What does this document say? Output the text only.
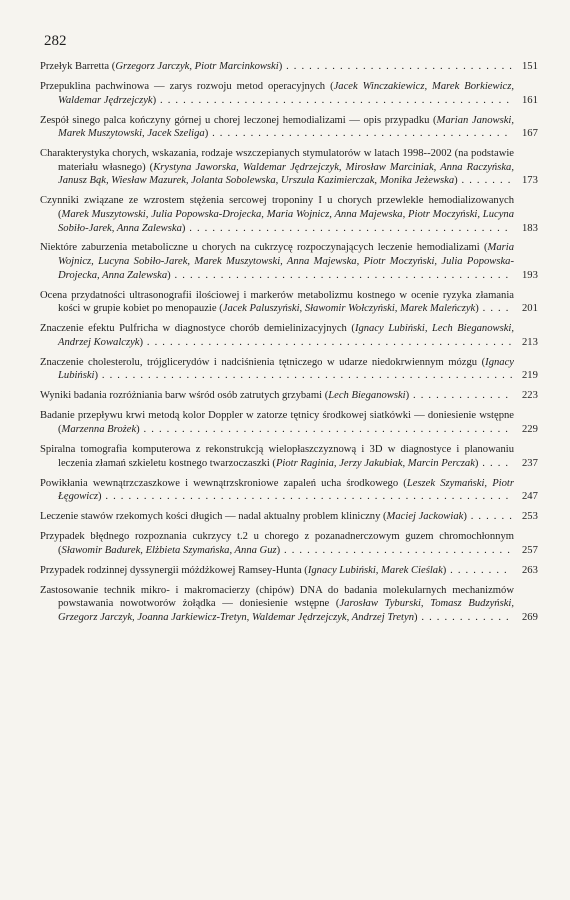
282
Przełyk Barretta (Grzegorz Jarczyk, Piotr Marcinkowski) . . . . . . . . . . . . . . . . . . . . . . . . . . . . . . 151
Przepuklina pachwinowa — zarys rozwoju metod operacyjnych (Jacek Winczakiewicz, Marek Borkiewicz, Waldemar Jędrzejczyk) . . . . . . . . . . . . . . . . . . . . . . . . . . . . . . . . . . . . . . . . . . . . . . 161
Zespół sinego palca kończyny górnej u chorej leczonej hemodializami — opis przypadku (Marian Janowski, Marek Muszytowski, Jacek Szeliga) . . . . . . . . . . . . . . . . . . . . . . . . . . . . . . . . . . . . . . . 167
Charakterystyka chorych, wskazania, rodzaje wszczepianych stymulatorów w latach 1998--2002 (na podstawie materiału własnego) (Krystyna Jaworska, Waldemar Jędrzejczyk, Mirosław Marciniak, Anna Raczyńska, Janusz Bąk, Wiesław Mazurek, Jolanta Sobolewska, Urszula Kazimierczak, Monika Jeżewska) . . . . . . . 173
Czynniki związane ze wzrostem stężenia sercowej troponiny I u chorych przewlekle hemodializowanych (Marek Muszytowski, Julia Popowska-Drojecka, Maria Wojnicz, Anna Majewska, Piotr Moczyński, Lucyna Sobiło-Jarek, Anna Zalewska) . . . . . . . . . . . . . . . . . . . . . . . . . . . . . . . . . . . . . . . . . . 183
Niektóre zaburzenia metaboliczne u chorych na cukrzycę rozpoczynających leczenie hemodializami (Maria Wojnicz, Lucyna Sobiło-Jarek, Marek Muszytowski, Anna Majewska, Piotr Moczyński, Julia Popowska-Drojecka, Anna Zalewska) . . . . . . . . . . . . . . . . . . . . . . . . . . . . . . . . . . . . . . . . . . . . 193
Ocena przydatności ultrasonografii ilościowej i markerów metabolizmu kostnego w ocenie ryzyka złamania kości w grupie kobiet po menopauzie (Jacek Paluszyński, Sławomir Wołczyński, Marek Maleńczyk) . . . . 201
Znaczenie efektu Pulfricha w diagnostyce chorób demielinizacyjnych (Ignacy Lubiński, Lech Bieganowski, Andrzej Kowalczyk) . . . . . . . . . . . . . . . . . . . . . . . . . . . . . . . . . . . . . . . . . . . . . . . . 213
Znaczenie cholesterolu, trójglicerydów i nadciśnienia tętniczego w udarze niedokrwiennym mózgu (Ignacy Lubiński) . . . . . . . . . . . . . . . . . . . . . . . . . . . . . . . . . . . . . . . . . . . . . . . . . . . . . . 219
Wyniki badania rozróżniania barw wśród osób zatrutych grzybami (Lech Bieganowski) . . . . . . . . . . . . . 223
Badanie przepływu krwi metodą kolor Doppler w zatorze tętnicy środkowej siatkówki — doniesienie wstępne (Marzenna Brożek) . . . . . . . . . . . . . . . . . . . . . . . . . . . . . . . . . . . . . . . . . . . . . . . . 229
Spiralna tomografia komputerowa z rekonstrukcją wielopłaszczyznową i 3D w diagnostyce i planowaniu leczenia złamań szkieletu kostnego twarzoczaszki (Piotr Raginia, Jerzy Jakubiak, Marcin Perczak) . . . . 237
Powikłania wewnątrzczaszkowe i wewnątrzskroniowe zapaleń ucha środkowego (Leszek Szymański, Piotr Łęgowicz) . . . . . . . . . . . . . . . . . . . . . . . . . . . . . . . . . . . . . . . . . . . . . . . . . . . . . 247
Leczenie stawów rzekomych kości długich — nadal aktualny problem kliniczny (Maciej Jackowiak) . . . . . . 253
Przypadek błędnego rozpoznania cukrzycy t.2 u chorego z pozanadnerczowym guzem chromochłonnym (Sławomir Badurek, Elżbieta Szymańska, Anna Guz) . . . . . . . . . . . . . . . . . . . . . . . . . . . . . . 257
Przypadek rodzinnej dyssynergii móżdżkowej Ramsey-Hunta (Ignacy Lubiński, Marek Cieślak) . . . . . . . . 263
Zastosowanie technik mikro- i makromacierzy (chipów) DNA do badania molekularnych mechanizmów powstawania nowotworów żołądka — doniesienie wstępne (Jarosław Tyburski, Tomasz Budzyński, Grzegorz Jarczyk, Joanna Jarkiewicz-Tretyn, Waldemar Jędrzejczyk, Andrzej Tretyn) . . . . . . . . . . . . 269
